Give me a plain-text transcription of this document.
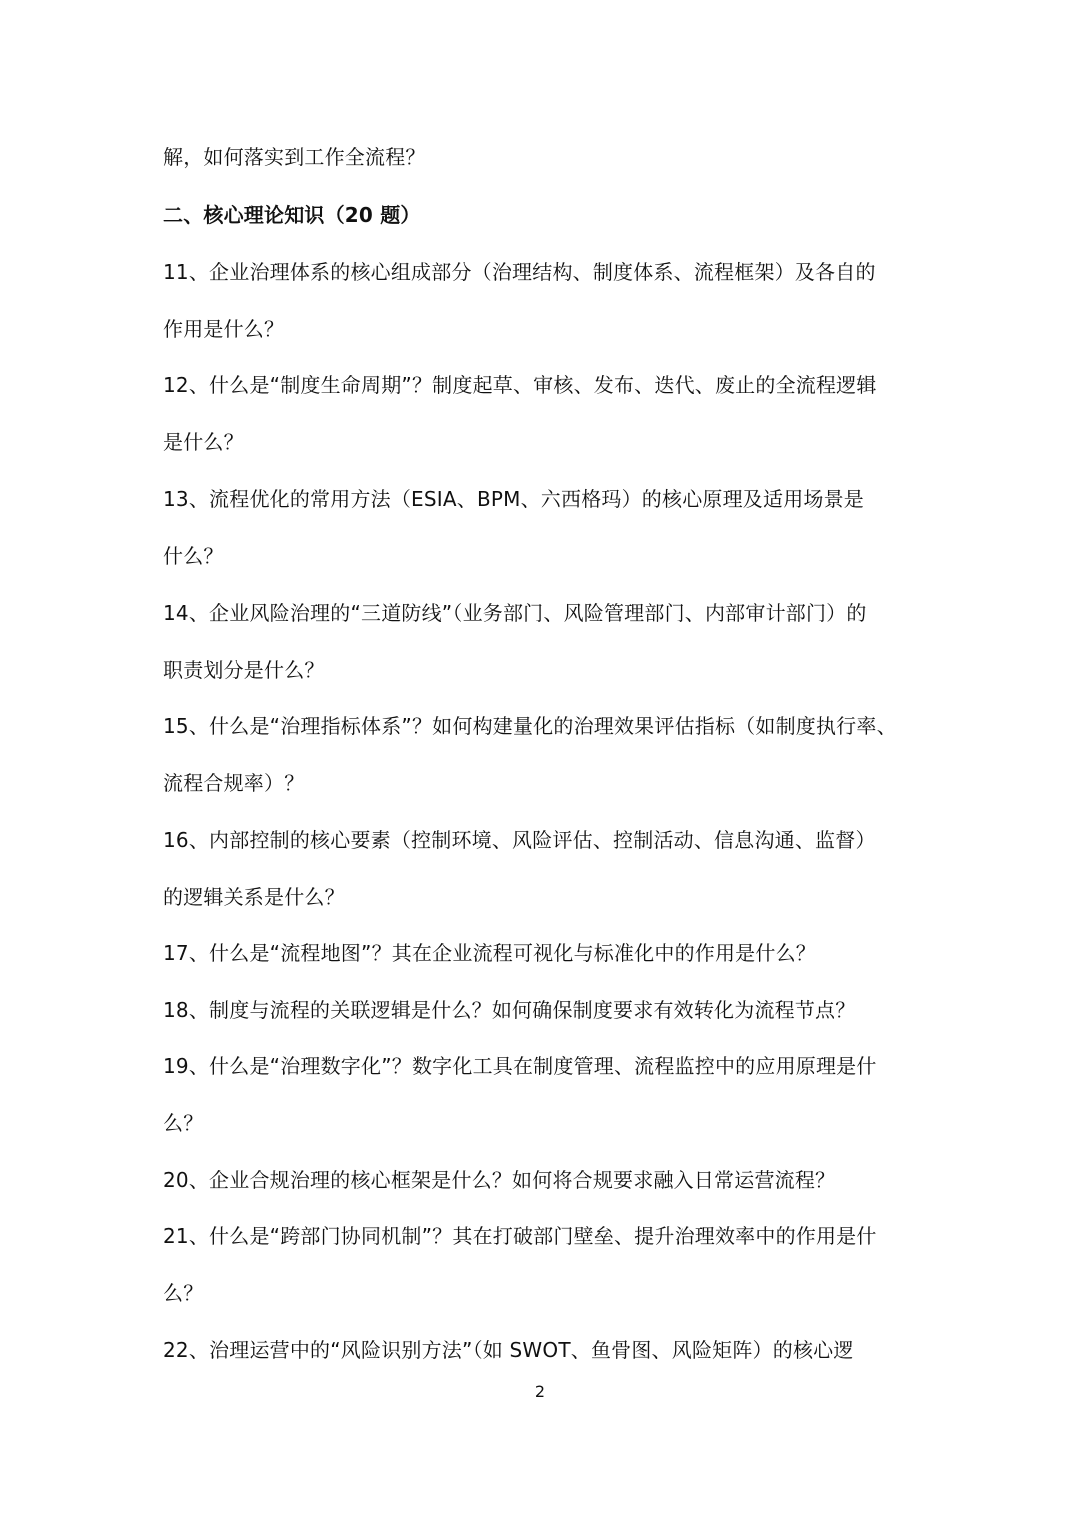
解，如何落实到工作全流程？
二、核心理论知识（20 题）
11、企业治理体系的核心组成部分（治理结构、制度体系、流程框架）及各自的
作用是什么？
12、什么是“制度生命周期”？制度起草、审核、发布、迭代、废止的全流程逻辑
是什么？
13、流程优化的常用方法（ESIA、BPM、六西格玛）的核心原理及适用场景是
什么？
14、企业风险治理的“三道防线”（业务部门、风险管理部门、内部审计部门）的
职责划分是什么？
15、什么是“治理指标体系”？如何构建量化的治理效果评估指标（如制度执行率、
流程合规率）？
16、内部控制的核心要素（控制环境、风险评估、控制活动、信息沟通、监督）
的逻辑关系是什么？
17、什么是“流程地图”？其在企业流程可视化与标准化中的作用是什么？
18、制度与流程的关联逻辑是什么？如何确保制度要求有效转化为流程节点？
19、什么是“治理数字化”？数字化工具在制度管理、流程监控中的应用原理是什
么？
20、企业合规治理的核心框架是什么？如何将合规要求融入日常运营流程？
21、什么是“跨部门协同机制”？其在打破部门壁垒、提升治理效率中的作用是什
么？
22、治理运营中的“风险识别方法”（如 SWOT、鱼骨图、风险矩阵）的核心逻
2
